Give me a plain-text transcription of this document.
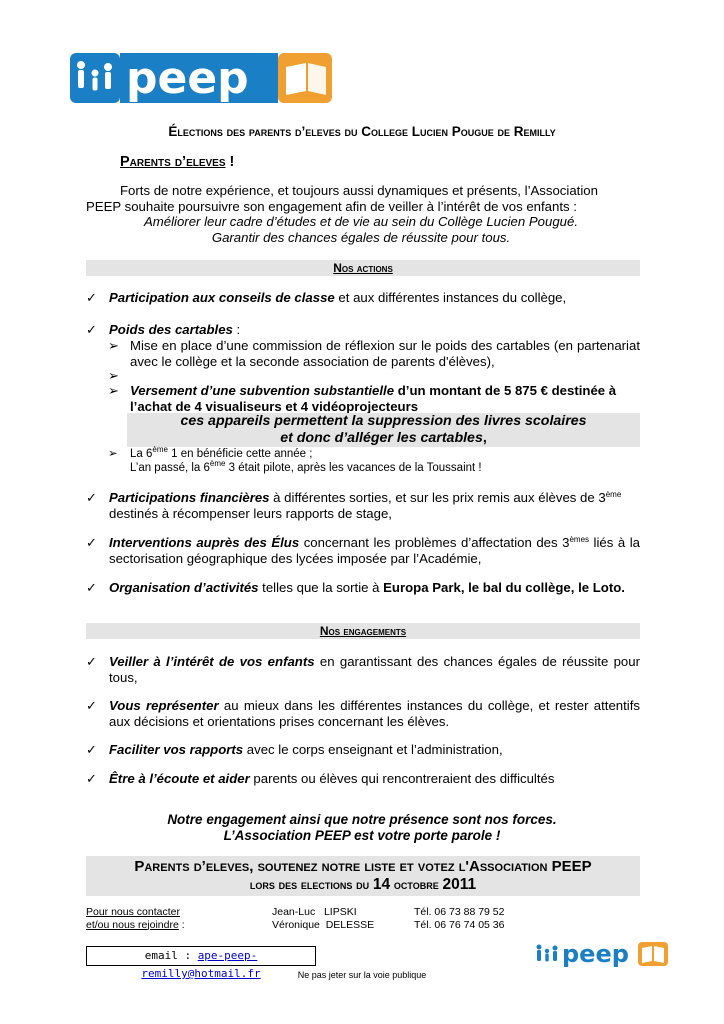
peep
Élections des parents d’eleves du College Lucien Pougue de Remilly
Parents d’eleves !

Forts de notre expérience, et toujours aussi dynamiques et présents, l’Association

PEEP souhaite poursuivre son engagement afin de veiller à l’intérêt de vos enfants :

Améliorer leur cadre d’études et de vie au sein du Collège Lucien Pougué.

Garantir des chances égales de réussite pour tous.

Nos actions
✓ Participation aux conseils de classe et aux différentes instances du collège,
✓ Poids des cartables :
➢ Mise en place d’une commission de réflexion sur le poids des cartables (en partenariat avec le collège et la seconde association de parents d'élèves),
➢
➢ Versement d’une subvention substantielle d’un montant de 5 875 € destinée à l’achat de 4 visualiseurs et 4 vidéoprojecteurs
ces appareils permettent la suppression des livres scolaires
et donc d’alléger les cartables,
➢ La 6ème 1 en bénéficie cette année ;
L’an passé, la 6ème 3 était pilote, après les vacances de la Toussaint !
✓ Participations financières à différentes sorties, et sur les prix remis aux élèves de 3ème
destinés à récompenser leurs rapports de stage,
✓ Interventions auprès des Élus concernant les problèmes d’affectation des 3èmes liés à la sectorisation géographique des lycées imposée par l’Académie,
✓ Organisation d’activités telles que la sortie à Europa Park, le bal du collège, le Loto.
Nos engagements
✓ Veiller à l’intérêt de vos enfants en garantissant des chances égales de réussite pour tous,
✓ Vous représenter au mieux dans les différentes instances du collège, et rester attentifs aux décisions et orientations prises concernant les élèves.
✓ Faciliter vos rapports avec le corps enseignant et l’administration,
✓ Être à l’écoute et aider parents ou élèves qui rencontreraient des difficultés
Notre engagement ainsi que notre présence sont nos forces.
L’Association PEEP est votre porte parole !
Parents d’eleves, soutenez notre liste et votez l'Association PEEP
lors des elections du 14 octobre 2011
Pour nous contacter
et/ou nous rejoindre :
Jean-Luc LIPSKI
Véronique DELESSE
Tél. 06 73 88 79 52
Tél. 06 76 74 05 36
email : ape-peep-remilly@hotmail.fr
peep
Ne pas jeter sur la voie publique
